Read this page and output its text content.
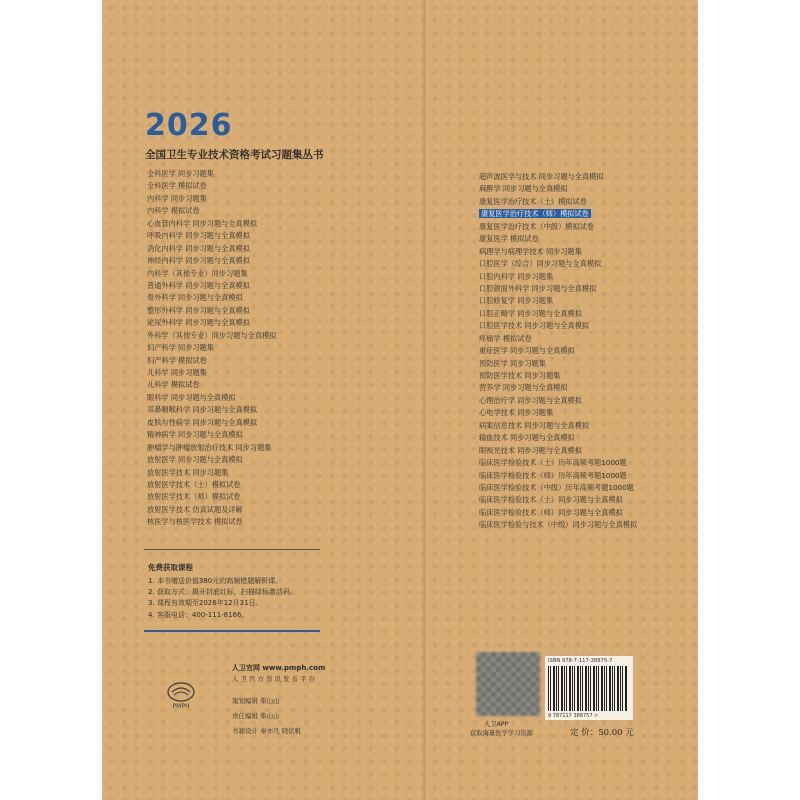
2026
全国卫生专业技术资格考试习题集丛书
全科医学 同步习题集
全科医学 模拟试卷
内科学 同步习题集
内科学 模拟试卷
心血管内科学 同步习题与全真模拟
呼吸内科学 同步习题与全真模拟
消化内科学 同步习题与全真模拟
神经内科学 同步习题与全真模拟
内科学（其他专业）同步习题集
普通外科学 同步习题与全真模拟
骨外科学 同步习题与全真模拟
整形外科学 同步习题与全真模拟
泌尿外科学 同步习题与全真模拟
外科学（其他专业）同步习题与全真模拟
妇产科学 同步习题集
妇产科学 模拟试卷
儿科学 同步习题集
儿科学 模拟试卷
眼科学 同步习题与全真模拟
耳鼻咽喉科学 同步习题与全真模拟
皮肤与性病学 同步习题与全真模拟
精神病学 同步习题与全真模拟
肿瘤学与肿瘤放射治疗技术 同步习题集
放射医学 同步习题与全真模拟
放射医学技术 同步习题集
放射医学技术（士）模拟试卷
放射医学技术（师）模拟试卷
放射医学技术 仿真试题及详解
核医学与核医学技术 模拟试卷
超声波医学与技术 同步习题与全真模拟
麻醉学 同步习题与全真模拟
康复医学治疗技术（士）模拟试卷
康复医学治疗技术（师）模拟试卷
康复医学治疗技术（中级）模拟试卷
康复医学 模拟试卷
病理学与病理学技术 同步习题集
口腔医学（综合）同步习题与全真模拟
口腔内科学 同步习题集
口腔颌面外科学 同步习题与全真模拟
口腔修复学 同步习题集
口腔正畸学 同步习题与全真模拟
口腔医学技术 同步习题与全真模拟
疼痛学 模拟试卷
重症医学 同步习题与全真模拟
预防医学 同步习题集
预防医学技术 同步习题集
营养学 同步习题与全真模拟
心理治疗学 同步习题与全真模拟
心电学技术 同步习题集
病案信息技术 同步习题与全真模拟
输血技术 同步习题与全真模拟
眼视光技术 同步习题与全真模拟
临床医学检验技术（士）历年高频考题1000题
临床医学检验技术（师）历年高频考题1000题
临床医学检验技术（中级）历年高频考题1000题
临床医学检验技术（士）同步习题与全真模拟
临床医学检验技术（师）同步习题与全真模拟
临床医学检验与技术（中级）同步习题与全真模拟
免费获取课程
1. 本书赠送价值380元的高频错题解析课。
2. 获取方式：揭开封底红标，扫描绿标激活码。
3. 课程有效期至2026年12月31日。
4. 客服电话：400-111-8166。
PMPH
人卫官网 www.pmph.com
人卫官方资讯发布平台
策划编辑 柴山山
责任编辑 柴山山
书籍设计 秦亦凡 晓依帆
人卫APP
获取海量医学学习资源
ISBN 978-7-117-38875-7
9 787117 388757 >
定 价：50.00 元
